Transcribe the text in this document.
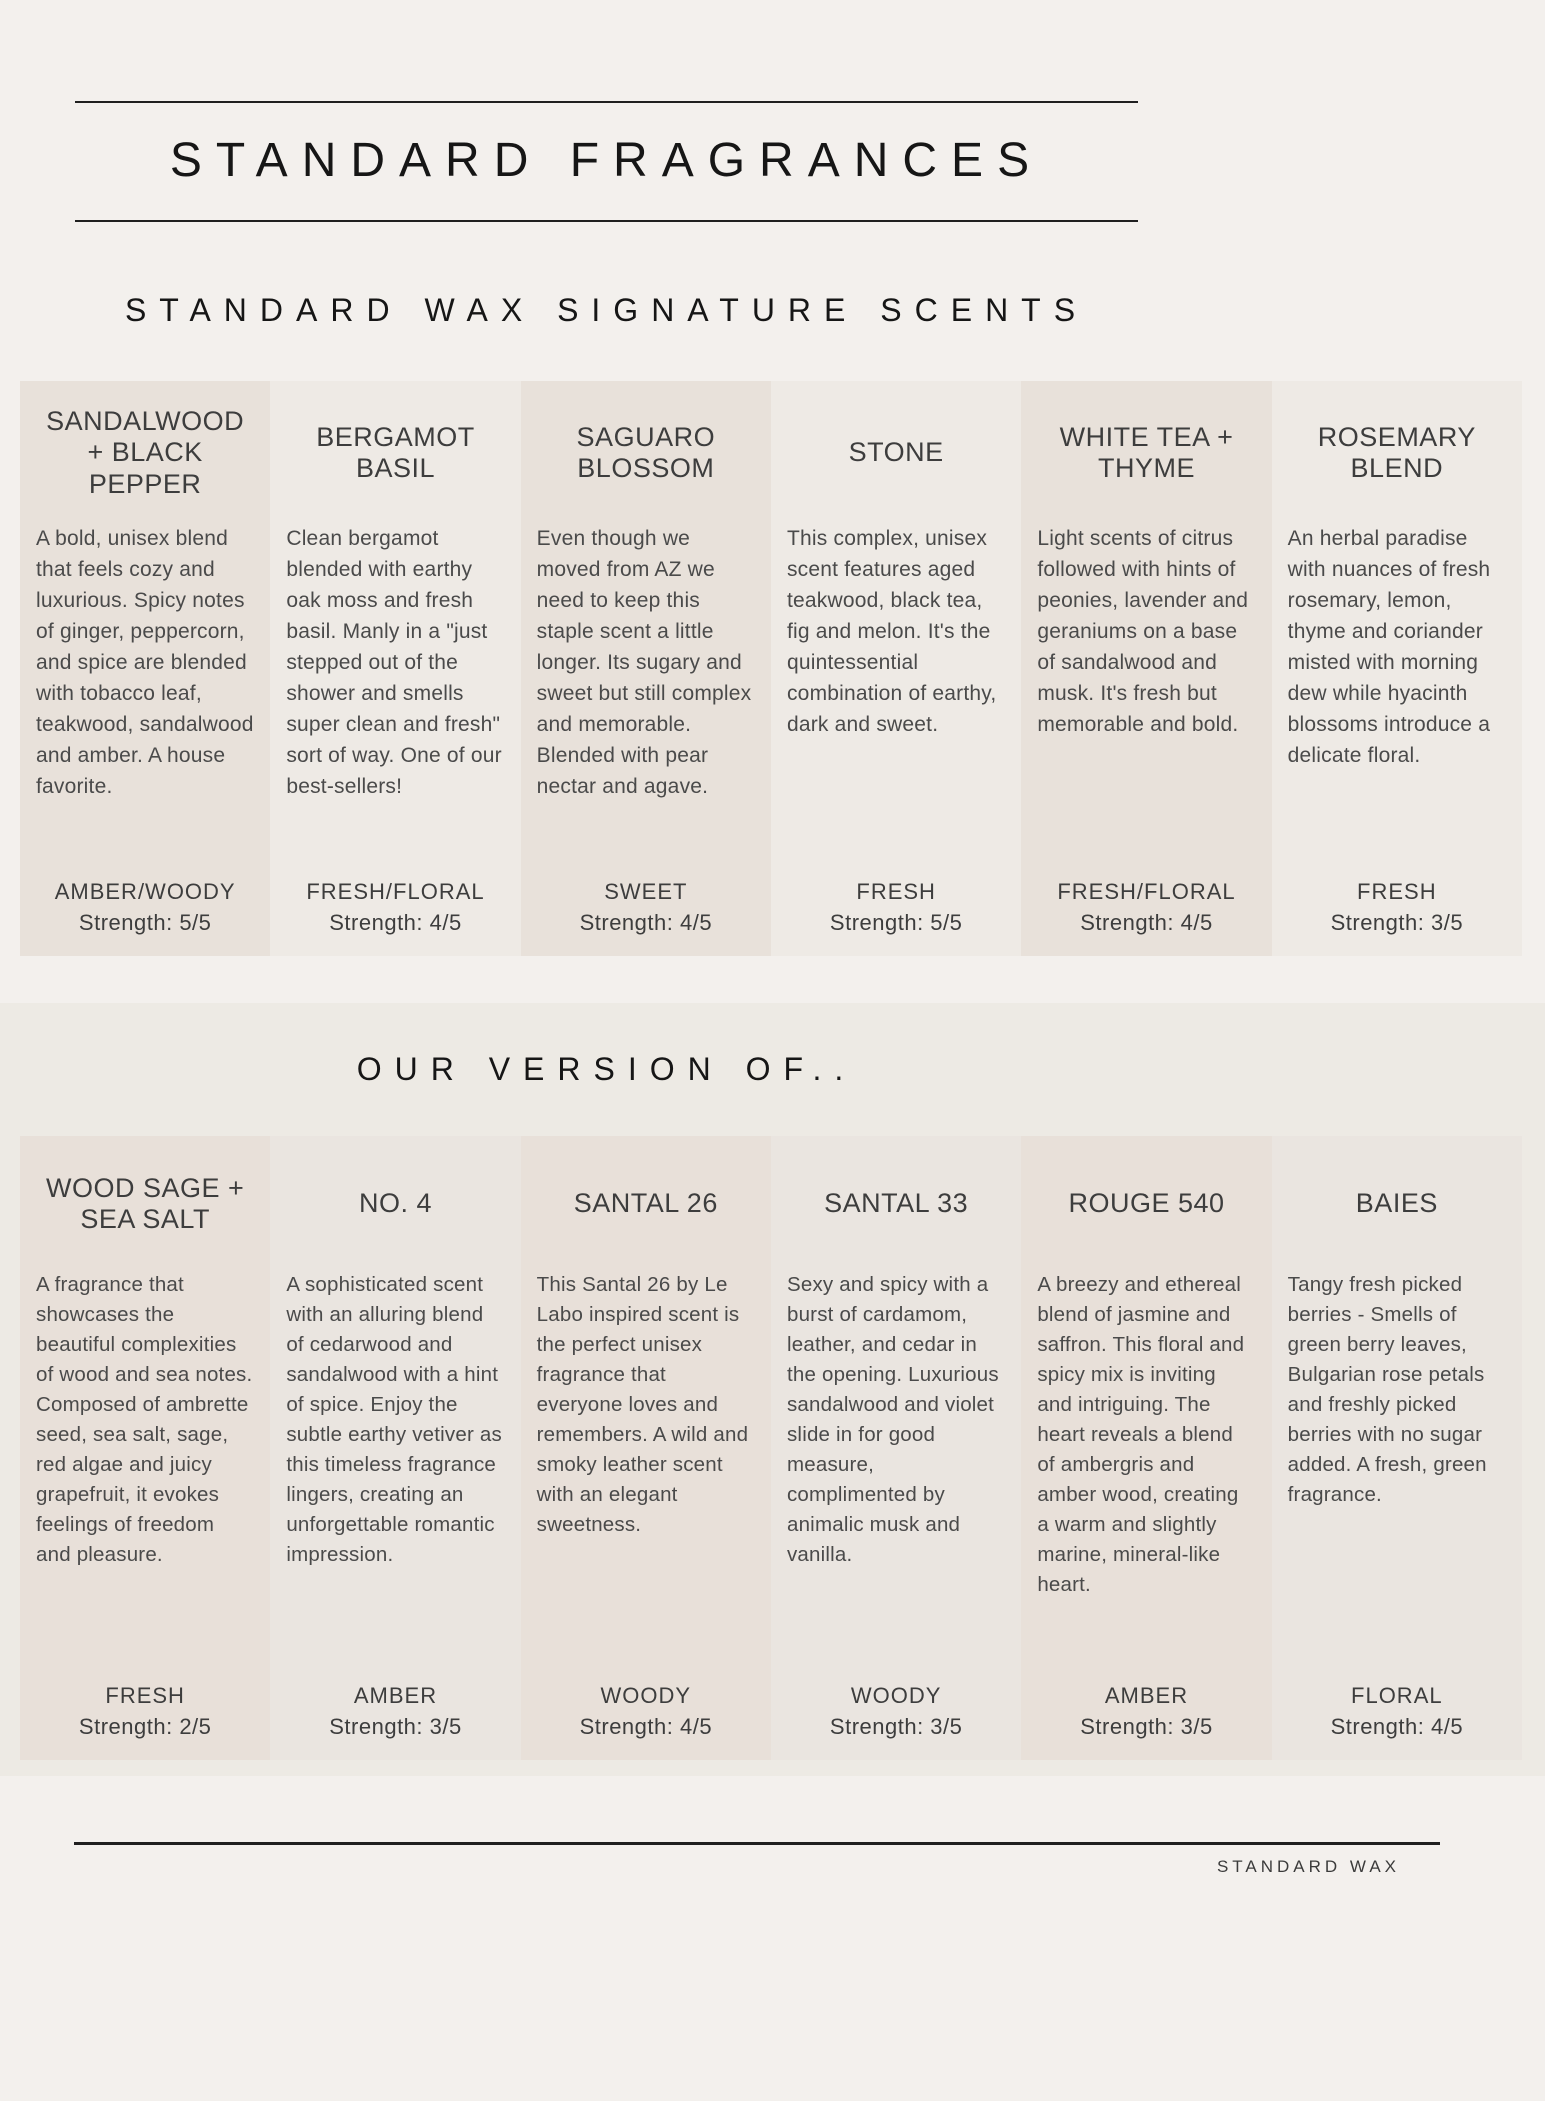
STANDARD FRAGRANCES
STANDARD WAX SIGNATURE SCENTS
SANDALWOOD + BLACK PEPPER
A bold, unisex blend that feels cozy and luxurious. Spicy notes of ginger, peppercorn, and spice are blended with tobacco leaf, teakwood, sandalwood and amber. A house favorite.
AMBER/WOODY
Strength: 5/5
BERGAMOT BASIL
Clean bergamot blended with earthy oak moss and fresh basil. Manly in a "just stepped out of the shower and smells super clean and fresh" sort of way. One of our best-sellers!
FRESH/FLORAL
Strength: 4/5
SAGUARO BLOSSOM
Even though we moved from AZ we need to keep this staple scent a little longer. Its sugary and sweet but still complex and memorable. Blended with pear nectar and agave.
SWEET
Strength: 4/5
STONE
This complex, unisex scent features aged teakwood, black tea, fig and melon. It's the quintessential combination of earthy, dark and sweet.
FRESH
Strength: 5/5
WHITE TEA + THYME
Light scents of citrus followed with hints of peonies, lavender and geraniums on a base of sandalwood and musk. It's fresh but memorable and bold.
FRESH/FLORAL
Strength: 4/5
ROSEMARY BLEND
An herbal paradise with nuances of fresh rosemary, lemon, thyme and coriander misted with morning dew while hyacinth blossoms introduce a delicate floral.
FRESH
Strength: 3/5
OUR VERSION OF..
WOOD SAGE + SEA SALT
A fragrance that showcases the beautiful complexities of wood and sea notes. Composed of ambrette seed, sea salt, sage, red algae and juicy grapefruit, it evokes feelings of freedom and pleasure.
FRESH
Strength: 2/5
NO. 4
A sophisticated scent with an alluring blend of cedarwood and sandalwood with a hint of spice. Enjoy the subtle earthy vetiver as this timeless fragrance lingers, creating an unforgettable romantic impression.
AMBER
Strength: 3/5
SANTAL 26
This Santal 26 by Le Labo inspired scent is the perfect unisex fragrance that everyone loves and remembers. A wild and smoky leather scent with an elegant sweetness.
WOODY
Strength: 4/5
SANTAL 33
Sexy and spicy with a burst of cardamom, leather, and cedar in the opening. Luxurious sandalwood and violet slide in for good measure, complimented by animalic musk and vanilla.
WOODY
Strength: 3/5
ROUGE 540
A breezy and ethereal blend of jasmine and saffron. This floral and spicy mix is inviting and intriguing. The heart reveals a blend of ambergris and amber wood, creating a warm and slightly marine, mineral-like heart.
AMBER
Strength: 3/5
BAIES
Tangy fresh picked berries - Smells of green berry leaves, Bulgarian rose petals and freshly picked berries with no sugar added. A fresh, green fragrance.
FLORAL
Strength: 4/5
STANDARD WAX
